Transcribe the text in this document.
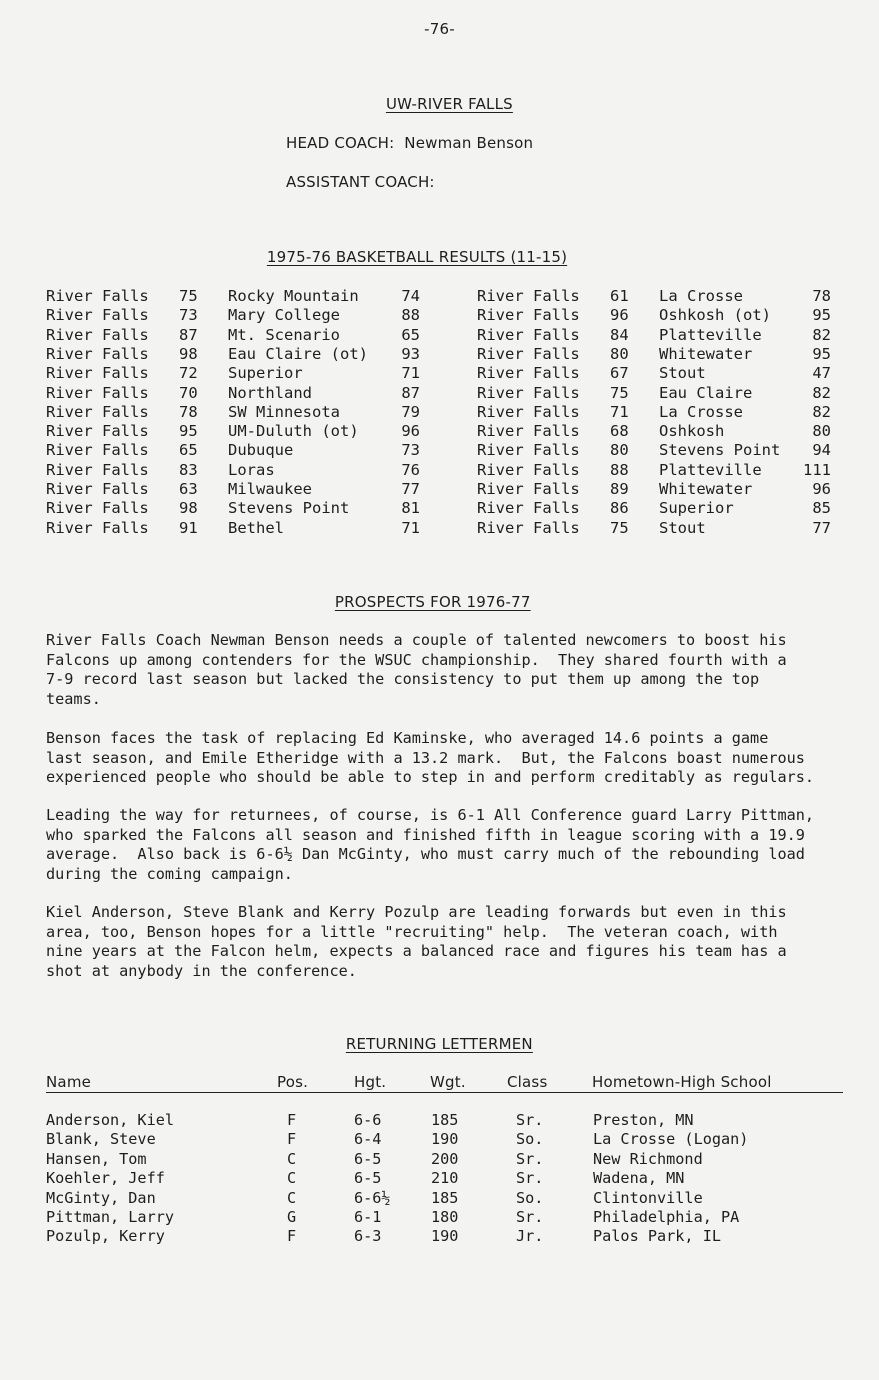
-76-

UW-RIVER FALLS

HEAD COACH:  Newman Benson
ASSISTANT COACH:

1975-76 BASKETBALL RESULTS (11-15)

River Falls 75 Rocky Mountain	74
River Falls 73 Mary College	88
River Falls 87 Mt. Scenario	65
River Falls 98 Eau Claire (ot)	93
River Falls 72 Superior	71
River Falls 70 Northland	87
River Falls 78 SW Minnesota	79
River Falls 95 UM-Duluth (ot)	96
River Falls 65 Dubuque	73
River Falls 83 Loras	76
River Falls 63 Milwaukee	77
River Falls 98 Stevens Point	81
River Falls 91 Bethel	71
River Falls 61 La Crosse	78
River Falls 96 Oshkosh (ot)	95
River Falls 84 Platteville	82
River Falls 80 Whitewater	95
River Falls 67 Stout	47
River Falls 75 Eau Claire	82
River Falls 71 La Crosse	82
River Falls 68 Oshkosh	80
River Falls 80 Stevens Point	94
River Falls 88 Platteville	111
River Falls 89 Whitewater	96
River Falls 86 Superior	85
River Falls 75 Stout	77

PROSPECTS FOR 1976-77

River Falls Coach Newman Benson needs a couple of talented newcomers to boost his
Falcons up among contenders for the WSUC championship.  They shared fourth with a
7-9 record last season but lacked the consistency to put them up among the top
teams.
Benson faces the task of replacing Ed Kaminske, who averaged 14.6 points a game
last season, and Emile Etheridge with a 13.2 mark.  But, the Falcons boast numerous
experienced people who should be able to step in and perform creditably as regulars.
Leading the way for returnees, of course, is 6-1 All Conference guard Larry Pittman,
who sparked the Falcons all season and finished fifth in league scoring with a 19.9
average.  Also back is 6-6½ Dan McGinty, who must carry much of the rebounding load
during the coming campaign.
Kiel Anderson, Steve Blank and Kerry Pozulp are leading forwards but even in this
area, too, Benson hopes for a little "recruiting" help.  The veteran coach, with
nine years at the Falcon helm, expects a balanced race and figures his team has a
shot at anybody in the conference.

RETURNING LETTERMEN

Name	Pos.	Hgt.	Wgt.	Class	Hometown-High School
Anderson, Kiel	F	6-6	185	Sr.	Preston, MN
Blank, Steve	F	6-4	190	So.	La Crosse (Logan)
Hansen, Tom	C	6-5	200	Sr.	New Richmond
Koehler, Jeff	C	6-5	210	Sr.	Wadena, MN
McGinty, Dan	C	6-6½	185	So.	Clintonville
Pittman, Larry	G	6-1	180	Sr.	Philadelphia, PA
Pozulp, Kerry	F	6-3	190	Jr.	Palos Park, IL
